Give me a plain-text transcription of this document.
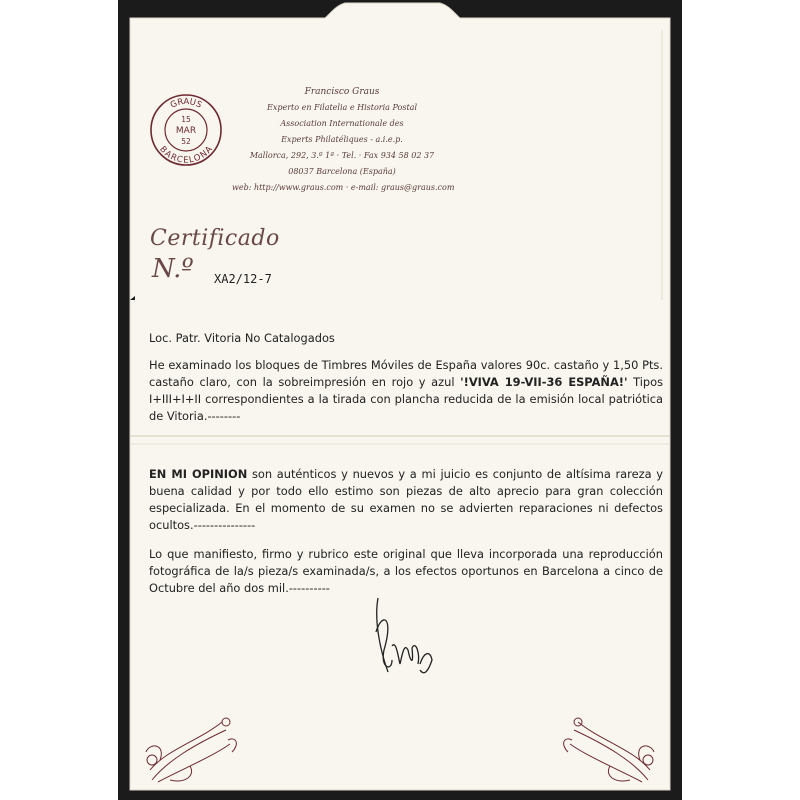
GRAUS
BARCELONA
15
MAR
52
Francisco Graus
Experto en Filatelia e Historia Postal
Association Internationale des
Experts Philatéliques - a.i.e.p.
Mallorca, 292, 3.º 1ª · Tel. · Fax 934 58 02 37
08037 Barcelona (España)
web: http://www.graus.com · e-mail: graus@graus.com
Certificado
N.º XA2/12-7
Loc. Patr. Vitoria No Catalogados
He examinado los bloques de Timbres Móviles de España valores 90c. castaño y 1,50 Pts. castaño claro, con la sobreimpresión en rojo y azul '!VIVA 19-VII-36 ESPAÑA!' Tipos I+III+I+II correspondientes a la tirada con plancha reducida de la emisión local patriótica de Vitoria.--------
EN MI OPINION son auténticos y nuevos y a mi juicio es conjunto de altísima rareza y buena calidad y por todo ello estimo son piezas de alto aprecio para gran colección especializada. En el momento de su examen no se advierten reparaciones ni defectos ocultos.---------------
Lo que manifiesto, firmo y rubrico este original que lleva incorporada una reproducción fotográfica de la/s pieza/s examinada/s, a los efectos oportunos en Barcelona a cinco de Octubre del año dos mil.----------
